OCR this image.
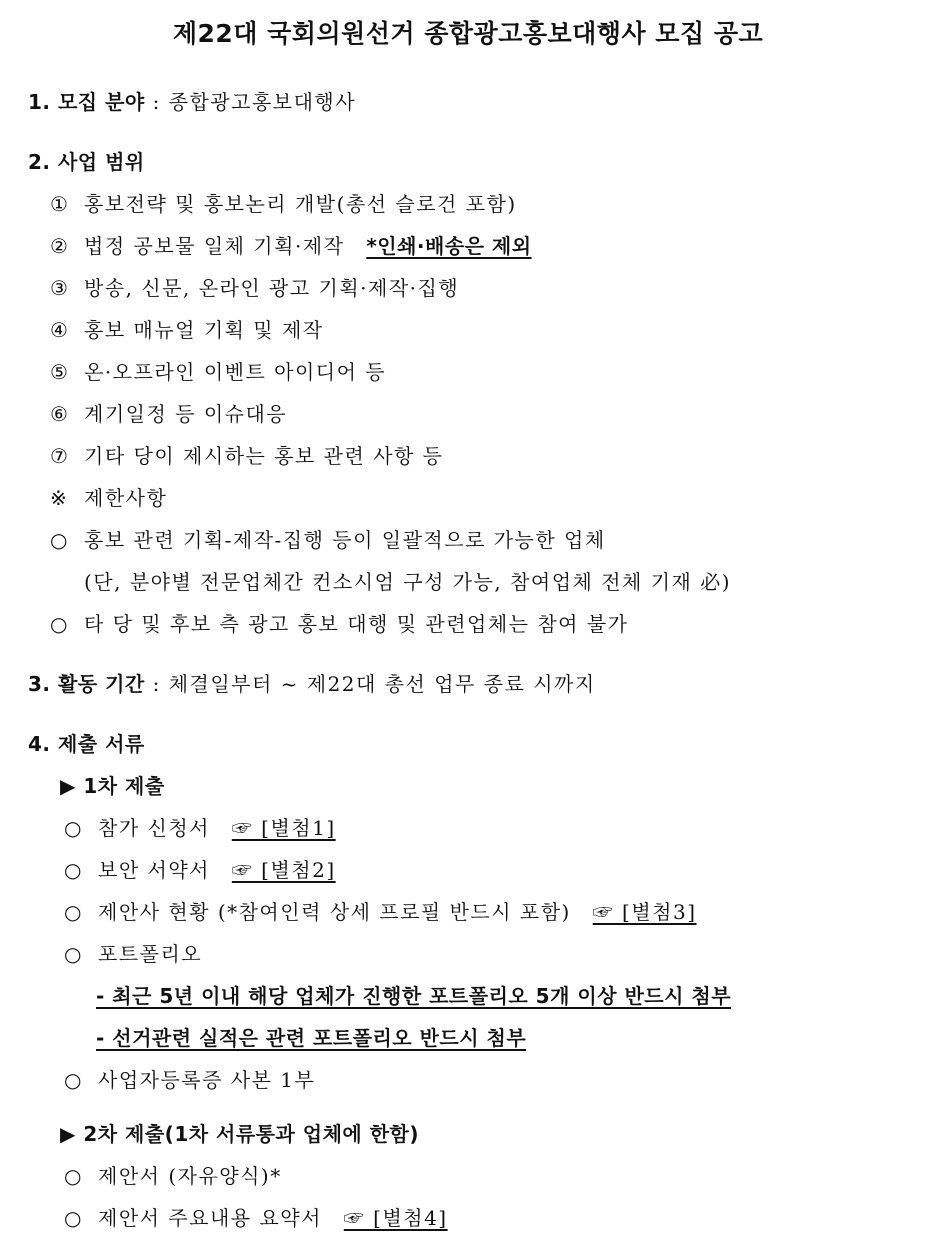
제22대 국회의원선거 종합광고홍보대행사 모집 공고
1. 모집 분야 : 종합광고홍보대행사
2. 사업 범위
① 홍보전략 및 홍보논리 개발(총선 슬로건 포함)
② 법정 공보물 일체 기획·제작 *인쇄·배송은 제외
③ 방송, 신문, 온라인 광고 기획·제작·집행
④ 홍보 매뉴얼 기획 및 제작
⑤ 온·오프라인 이벤트 아이디어 등
⑥ 계기일정 등 이슈대응
⑦ 기타 당이 제시하는 홍보 관련 사항 등
※ 제한사항
○ 홍보 관련 기획-제작-집행 등이 일괄적으로 가능한 업체
(단, 분야별 전문업체간 컨소시엄 구성 가능, 참여업체 전체 기재 必)
○ 타 당 및 후보 측 광고 홍보 대행 및 관련업체는 참여 불가
3. 활동 기간 : 체결일부터 ~ 제22대 총선 업무 종료 시까지
4. 제출 서류
▶ 1차 제출
○ 참가 신청서 ☞ [별첨1]
○ 보안 서약서 ☞ [별첨2]
○ 제안사 현황 (*참여인력 상세 프로필 반드시 포함) ☞ [별첨3]
○ 포트폴리오
- 최근 5년 이내 해당 업체가 진행한 포트폴리오 5개 이상 반드시 첨부
- 선거관련 실적은 관련 포트폴리오 반드시 첨부
○ 사업자등록증 사본 1부
▶ 2차 제출(1차 서류통과 업체에 한함)
○ 제안서 (자유양식)*
○ 제안서 주요내용 요약서 ☞ [별첨4]
